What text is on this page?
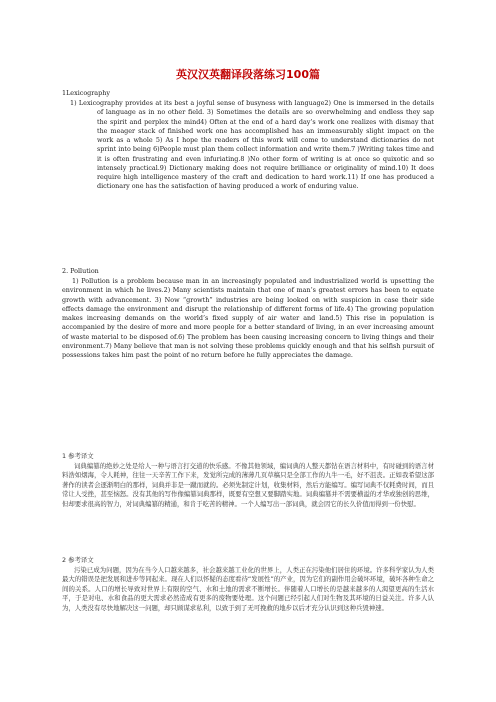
英汉汉英翻译段落练习100篇
1Lexicography
1) Lexicography provides at its best a joyful sense of busyness with language2) One is immersed in the details of language as in no other field. 3) Sometimes the details are so overwhelming and endless they sap the spirit and perplex the mind4) Often at the end of a hard day’s work one realizes with dismay that the meager stack of finished work one has accomplished has an immeasurably slight impact on the work as a whole 5) As I hope the readers of this work will come to understand dictionaries do not sprint into being 6)People must plan them collect information and write them.7 )Writing takes time and it is often frustrating and even infuriating.8 )No other form of writing is at once so quixotic and so intensely practical.9) Dictionary making does not require brilliance or originality of mind.10) It does require high intelligence mastery of the craft and dedication to hard work.11) If one has produced a dictionary one has the satisfaction of having produced a work of enduring value.
2. Pollution
1) Pollution is a problem because man in an increasingly populated and industrialized world is upsetting the environment in which he lives.2) Many scientists maintain that one of man’s greatest errors has been to equate growth with advancement. 3) Now “growth” industries are being looked on with suspicion in case their side effects damage the environment and disrupt the relationship of different forms of life.4) The growing population makes increasing demands on the world’s fixed supply of air water and land.5) This rise in population is accompanied by the desire of more and more people for a better standard of living, in an ever increasing amount of waste material to be disposed of.6) The problem has been causing increasing concern to living things and their environment.7) Many believe that man is not solving these problems quickly enough and that his selfish pursuit of possessions takes him past the point of no return before he fully appreciates the damage.
1 参考译文
词典编纂的绝妙之处是给人一种与语言打交道的快乐感。不像其他领域，编词典的人整天都钻在语言材料中，有时碰到的语言材料浩如烟海，令人耗神，往往一天辛苦工作下来，发觉所完成的薄薄几页草稿只是全部工作的九牛一毛，好不沮丧。正如我希望这部著作的读者会逐渐明白的那样，词典并非是一蹴而就的。必须先制定计划，收集材料，然后方能编写。编写词典不仅耗费时间，而且常让人受挫，甚至恼怒。没有其他的写作像编纂词典那样，既要有空想又要脚踏实地。词典编纂并不需要横溢的才华或独创的思维，但却要求很高的智力，对词典编纂的精通，和肯于吃苦的精神。一个人编写出一部词典，就会因它的长久价值而得到一份快慰。
2 参考译文
污染已成为问题，因为在当今人口越来越多，社会越来越工业化的世界上，人类正在污染他们居住的环境。许多科学家认为人类最大的错误是把发展和进步等同起来。现在人们以怀疑的态度看待“发展性”的产业，因为它们的副作用会破坏环境，破坏各种生命之间的关系。人口的增长导致对世界上有限的空气、水和土地的需求不断增长。伴随着人口增长的是越来越多的人渴望更高的生活水平，于是对电、水和食品的更大需求必然造成有更多的废物要处理。这个问题已经引起人们对生物及其环境的日益关注。许多人认为，人类没有尽快地解决这一问题，却只顾谋求私利，以致于到了无可挽救的地步以后才充分认识到这种兵毁神速。
